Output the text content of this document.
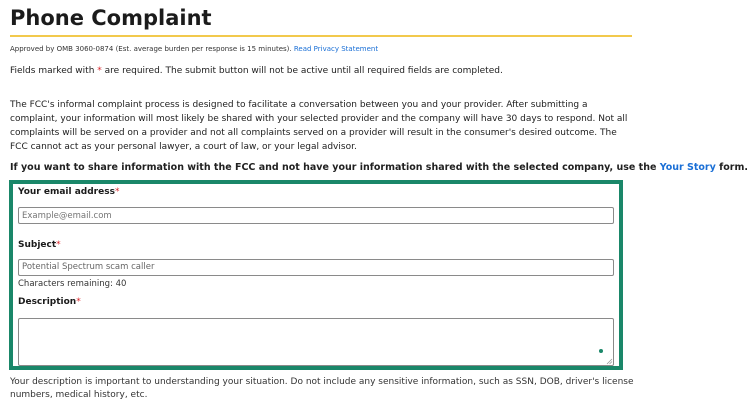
Phone Complaint
Approved by OMB 3060-0874 (Est. average burden per response is 15 minutes). Read Privacy Statement
Fields marked with * are required. The submit button will not be active until all required fields are completed.

The FCC's informal complaint process is designed to facilitate a conversation between you and your provider. After submitting a complaint, your information will most likely be shared with your selected provider and the company will have 30 days to respond. Not all complaints will be served on a provider and not all complaints served on a provider will result in the consumer's desired outcome. The FCC cannot act as your personal lawyer, a court of law, or your legal advisor.

If you want to share information with the FCC and not have your information shared with the selected company, use the Your Story form.
Your email address*
Example@email.com
Subject*
Potential Spectrum scam caller
Characters remaining: 40
Description*

Your description is important to understanding your situation. Do not include any sensitive information, such as SSN, DOB, driver's license numbers, medical history, etc.
